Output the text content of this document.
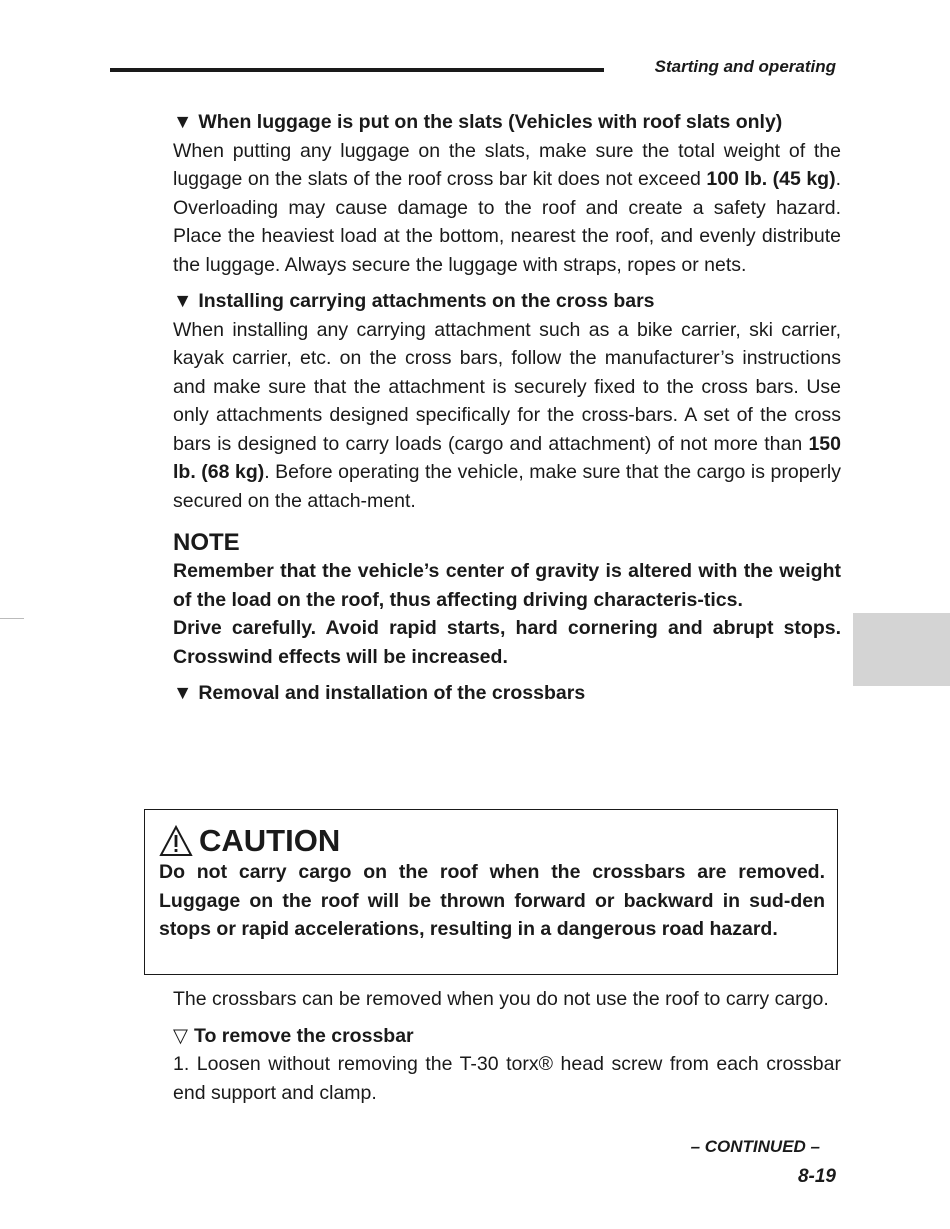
Starting and operating
▼ When luggage is put on the slats (Vehicles with roof slats only)

When putting any luggage on the slats, make sure the total weight of the luggage on the slats of the roof cross bar kit does not exceed 100 lb. (45 kg). Overloading may cause damage to the roof and create a safety hazard. Place the heaviest load at the bottom, nearest the roof, and evenly distribute the luggage. Always secure the luggage with straps, ropes or nets.

▼ Installing carrying attachments on the cross bars

When installing any carrying attachment such as a bike carrier, ski carrier, kayak carrier, etc. on the cross bars, follow the manufacturer’s instructions and make sure that the attachment is securely fixed to the cross bars. Use only attachments designed specifically for the cross-bars. A set of the cross bars is designed to carry loads (cargo and attachment) of not more than 150 lb. (68 kg). Before operating the vehicle, make sure that the cargo is properly secured on the attach-ment.

NOTE

Remember that the vehicle’s center of gravity is altered with the weight of the load on the roof, thus affecting driving characteris-tics.

Drive carefully. Avoid rapid starts, hard cornering and abrupt stops. Crosswind effects will be increased.

▼ Removal and installation of the crossbars
CAUTION

Do not carry cargo on the roof when the crossbars are removed. Luggage on the roof will be thrown forward or backward in sud-den stops or rapid accelerations, resulting in a dangerous road hazard.

The crossbars can be removed when you do not use the roof to carry cargo.

▽ To remove the crossbar

1. Loosen without removing the T-30 torx® head screw from each crossbar end support and clamp.

– CONTINUED –
8-19
